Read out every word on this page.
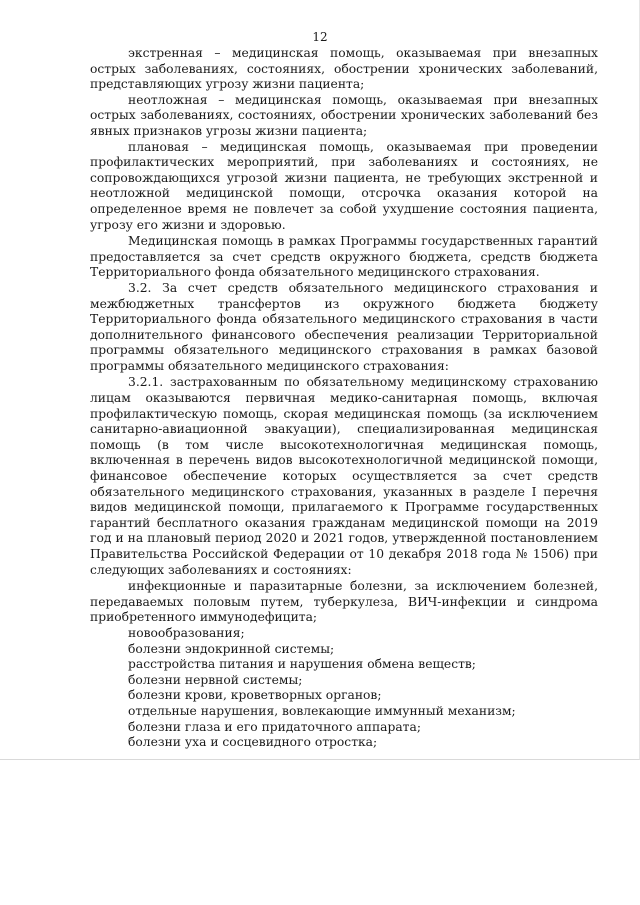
12

экстренная – медицинская помощь, оказываемая при внезапных острых заболеваниях, состояниях, обострении хронических заболеваний, представляющих угрозу жизни пациента;

неотложная – медицинская помощь, оказываемая при внезапных острых заболеваниях, состояниях, обострении хронических заболеваний без явных признаков угрозы жизни пациента;

плановая – медицинская помощь, оказываемая при проведении профилактических мероприятий, при заболеваниях и состояниях, не сопровождающихся угрозой жизни пациента, не требующих экстренной и неотложной медицинской помощи, отсрочка оказания которой на определенное время не повлечет за собой ухудшение состояния пациента, угрозу его жизни и здоровью.

Медицинская помощь в рамках Программы государственных гарантий предоставляется за счет средств окружного бюджета, средств бюджета Территориального фонда обязательного медицинского страхования.

3.2. За счет средств обязательного медицинского страхования и межбюджетных трансфертов из окружного бюджета бюджету Территориального фонда обязательного медицинского страхования в части дополнительного финансового обеспечения реализации Территориальной программы обязательного медицинского страхования в рамках базовой программы обязательного медицинского страхования:

3.2.1. застрахованным по обязательному медицинскому страхованию лицам оказываются первичная медико-санитарная помощь, включая профилактическую помощь, скорая медицинская помощь (за исключением санитарно-авиационной эвакуации), специализированная медицинская помощь (в том числе высокотехнологичная медицинская помощь, включенная в перечень видов высокотехнологичной медицинской помощи, финансовое обеспечение которых осуществляется за счет средств обязательного медицинского страхования, указанных в разделе I перечня видов медицинской помощи, прилагаемого к Программе государственных гарантий бесплатного оказания гражданам медицинской помощи на 2019 год и на плановый период 2020 и 2021 годов, утвержденной постановлением Правительства Российской Федерации от 10 декабря 2018 года № 1506) при следующих заболеваниях и состояниях:

инфекционные и паразитарные болезни, за исключением болезней, передаваемых половым путем, туберкулеза, ВИЧ-инфекции и синдрома приобретенного иммунодефицита;

новообразования;

болезни эндокринной системы;

расстройства питания и нарушения обмена веществ;

болезни нервной системы;

болезни крови, кроветворных органов;

отдельные нарушения, вовлекающие иммунный механизм;

болезни глаза и его придаточного аппарата;

болезни уха и сосцевидного отростка;
